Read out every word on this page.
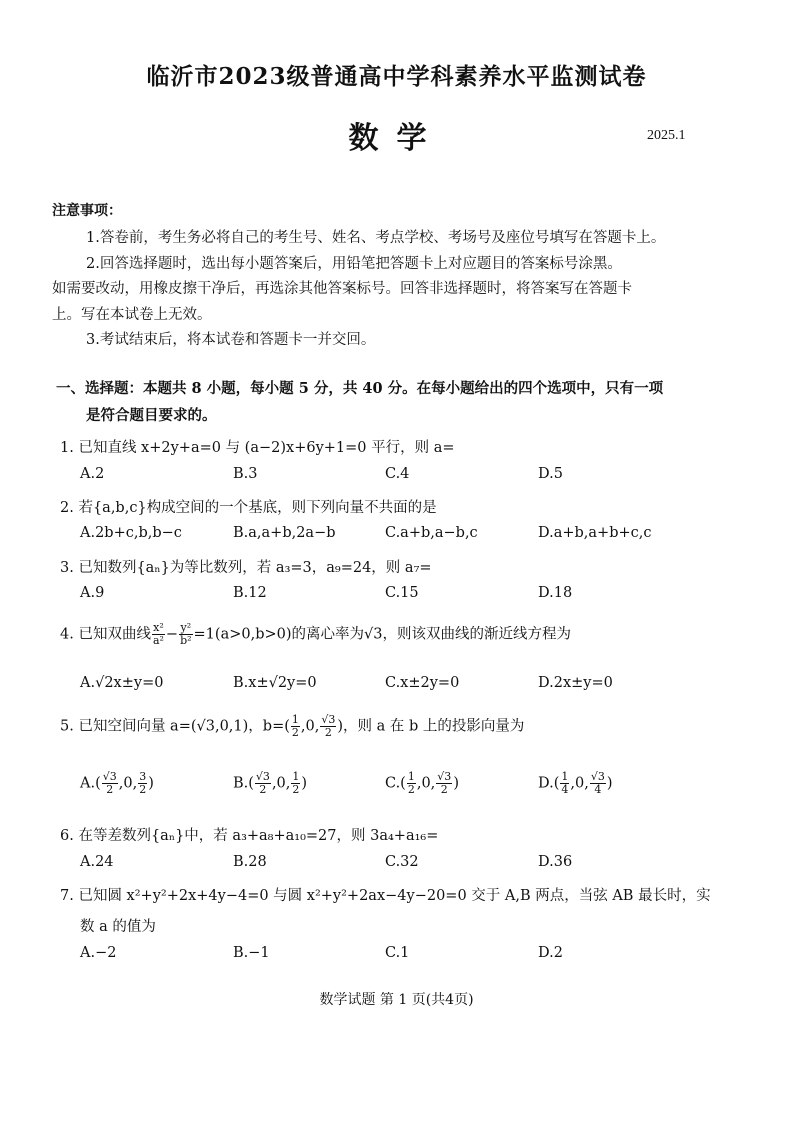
临沂市2023级普通高中学科素养水平监测试卷
数学	2025.1
注意事项：
1.答卷前，考生务必将自己的考生号、姓名、考点学校、考场号及座位号填写在答题卡上。
2.回答选择题时，选出每小题答案后，用铅笔把答题卡上对应题目的答案标号涂黑。
如需要改动，用橡皮擦干净后，再选涂其他答案标号。回答非选择题时，将答案写在答题卡
上。写在本试卷上无效。
3.考试结束后，将本试卷和答题卡一并交回。
一、选择题：本题共 8 小题，每小题 5 分，共 40 分。在每小题给出的四个选项中，只有一项
是符合题目要求的。
1. 已知直线 x+2y+a=0 与 (a−2)x+6y+1=0 平行，则 a=
A.2	B.3	C.4	D.5
2. 若{a,b,c}构成空间的一个基底，则下列向量不共面的是
A.2b+c,b,b−c	B.a,a+b,2a−b	C.a+b,a−b,c	D.a+b,a+b+c,c
3. 已知数列{aₙ}为等比数列，若 a₃=3，a₉=24，则 a₇=
A.9	B.12	C.15	D.18
4. 已知双曲线 $\frac{\text{x²}}{\text{a²}} - \frac{\text{y²}}{\text{b²}} =1(a>0,b>0)$的离心率为√3，则该双曲线的渐近线方程为
A.√2x±y=0	B.x±√2y=0	C.x±2y=0	D.2x±y=0
5. 已知空间向量 a=(√3,0,1)，$b=( \frac{1}{2} ,0$, $\frac{√3}{2}$ )，则 a 在 b 上的投影向量为
$A.( \frac{√3}{2} ,0$, $\frac{3}{2}$ )	$B.( \frac{√3}{2} ,0$, $\frac{1}{2}$ )	$C.( \frac{1}{2} ,0$, $\frac{√3}{2}$ )	$D.( \frac{1}{4} ,0$, $\frac{√3}{4}$ )
6. 在等差数列{aₙ}中，若 a₃+a₈+a₁₀=27，则 3a₄+a₁₆=
A.24	B.28	C.32	D.36
7. 已知圆 x²+y²+2x+4y−4=0 与圆 x²+y²+2ax−4y−20=0 交于 A,B 两点，当弦 AB 最长时，实
数 a 的值为
A.−2	B.−1	C.1	D.2
数学试题 第 1 页(共4页)
